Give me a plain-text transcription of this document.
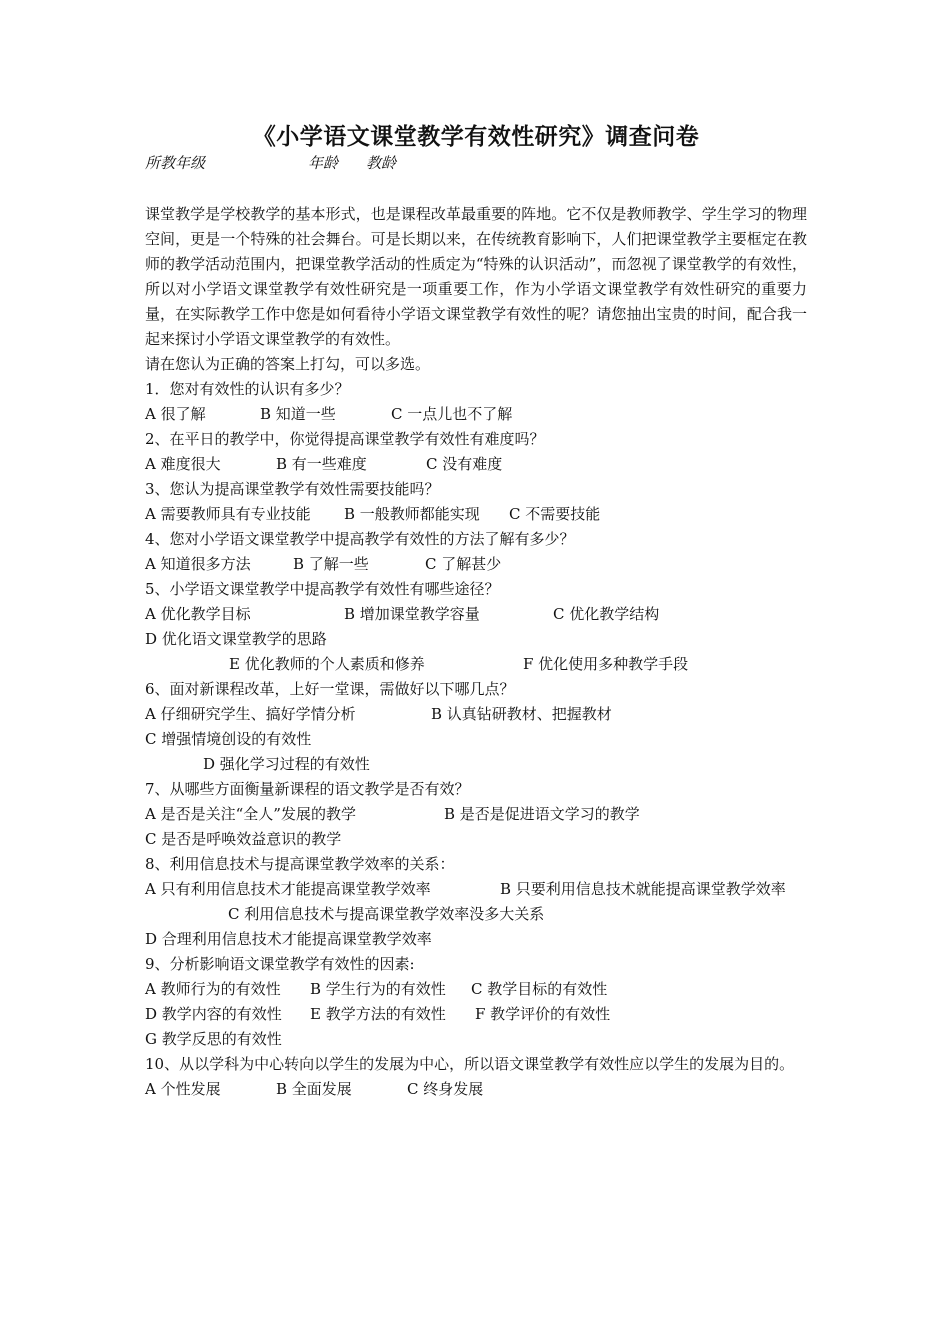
《小学语文课堂教学有效性研究》调查问卷
所教年级	年龄 教龄
课堂教学是学校教学的基本形式，也是课程改革最重要的阵地。它不仅是教师教学、学生学习的物理空间，更是一个特殊的社会舞台。可是长期以来，在传统教育影响下，人们把课堂教学主要框定在教师的教学活动范围内，把课堂教学活动的性质定为“特殊的认识活动”，而忽视了课堂教学的有效性，所以对小学语文课堂教学有效性研究是一项重要工作，作为小学语文课堂教学有效性研究的重要力量，在实际教学工作中您是如何看待小学语文课堂教学有效性的呢？请您抽出宝贵的时间，配合我一起来探讨小学语文课堂教学的有效性。
请在您认为正确的答案上打勾，可以多选。
1．您对有效性的认识有多少？
A 很了解	B 知道一些	C 一点儿也不了解
2、在平日的教学中，你觉得提高课堂教学有效性有难度吗？
A 难度很大	B 有一些难度	C 没有难度
3、您认为提高课堂教学有效性需要技能吗？
A 需要教师具有专业技能 B 一般教师都能实现 C 不需要技能
4、您对小学语文课堂教学中提高教学有效性的方法了解有多少？
A 知道很多方法	B 了解一些	C 了解甚少
5、小学语文课堂教学中提高教学有效性有哪些途径？
A 优化教学目标	B 增加课堂教学容量	C 优化教学结构D 优化语文课堂教学的思路
E 优化教师的个人素质和修养	F 优化使用多种教学手段
6、面对新课程改革，上好一堂课，需做好以下哪几点？
A 仔细研究学生、搞好学情分析	B 认真钻研教材、把握教材C 增强情境创设的有效性
D 强化学习过程的有效性
7、从哪些方面衡量新课程的语文教学是否有效？
A 是否是关注“全人”发展的教学	B 是否是促进语文学习的教学C 是否是呼唤效益意识的教学
8、利用信息技术与提高课堂教学效率的关系：
A 只有利用信息技术才能提高课堂教学效率	B 只要利用信息技术就能提高课堂教学效率
C 利用信息技术与提高课堂教学效率没多大关系
D 合理利用信息技术才能提高课堂教学效率
9、分析影响语文课堂教学有效性的因素:
A 教师行为的有效性 B 学生行为的有效性 C 教学目标的有效性
D 教学内容的有效性 E 教学方法的有效性 F 教学评价的有效性
G 教学反思的有效性
10、从以学科为中心转向以学生的发展为中心，所以语文课堂教学有效性应以学生的发展为目的。
A 个性发展	B 全面发展	C 终身发展
